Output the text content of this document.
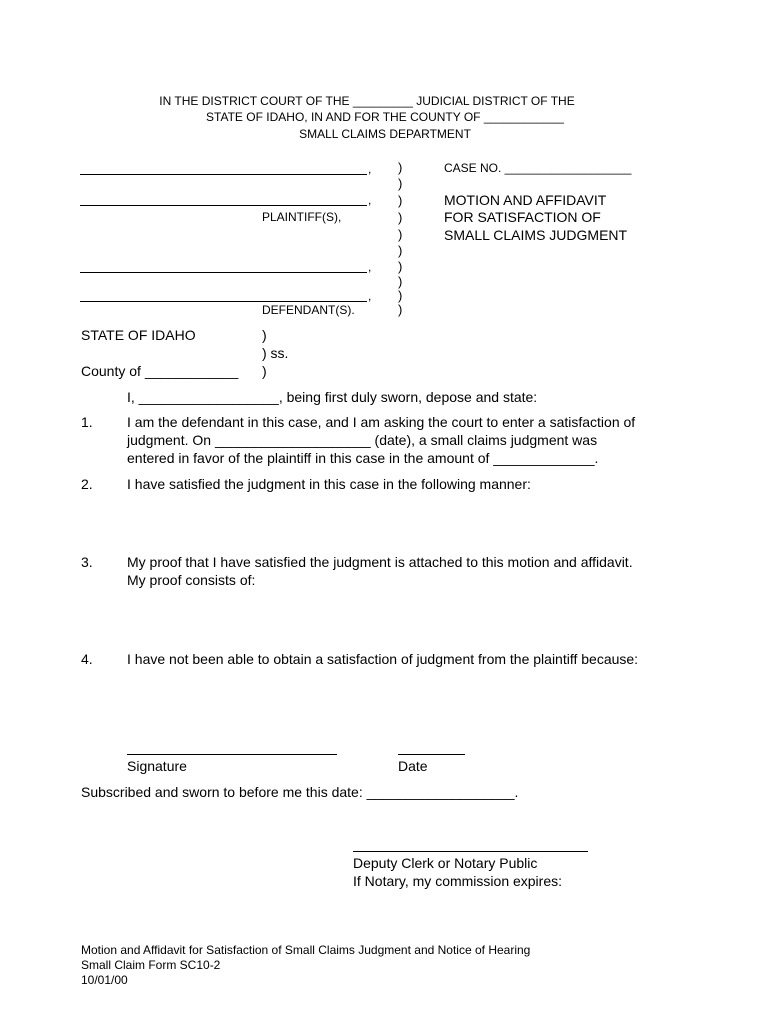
IN THE DISTRICT COURT OF THE _________ JUDICIAL DISTRICT OF THE
STATE OF IDAHO, IN AND FOR THE COUNTY OF ____________
SMALL CLAIMS DEPARTMENT
,
,
PLAINTIFF(S),
,
,
DEFENDANT(S).
)
)
)
)
)
)
)
)
)
)
CASE NO. ___________________
MOTION AND AFFIDAVIT
FOR SATISFACTION OF
SMALL CLAIMS JUDGMENT
STATE OF IDAHO	)
) ss.
County of ____________ )
I, __________________, being first duly sworn, depose and state:
1. I am the defendant in this case, and I am asking the court to enter a satisfaction of
judgment. On ____________________ (date), a small claims judgment was
entered in favor of the plaintiff in this case in the amount of _____________.
2. I have satisfied the judgment in this case in the following manner:
3. My proof that I have satisfied the judgment is attached to this motion and affidavit.
My proof consists of:
4. I have not been able to obtain a satisfaction of judgment from the plaintiff because:
Signature	Date
Subscribed and sworn to before me this date: ___________________.
Deputy Clerk or Notary Public
If Notary, my commission expires:
Motion and Affidavit for Satisfaction of Small Claims Judgment and Notice of Hearing
Small Claim Form SC10-2
10/01/00
